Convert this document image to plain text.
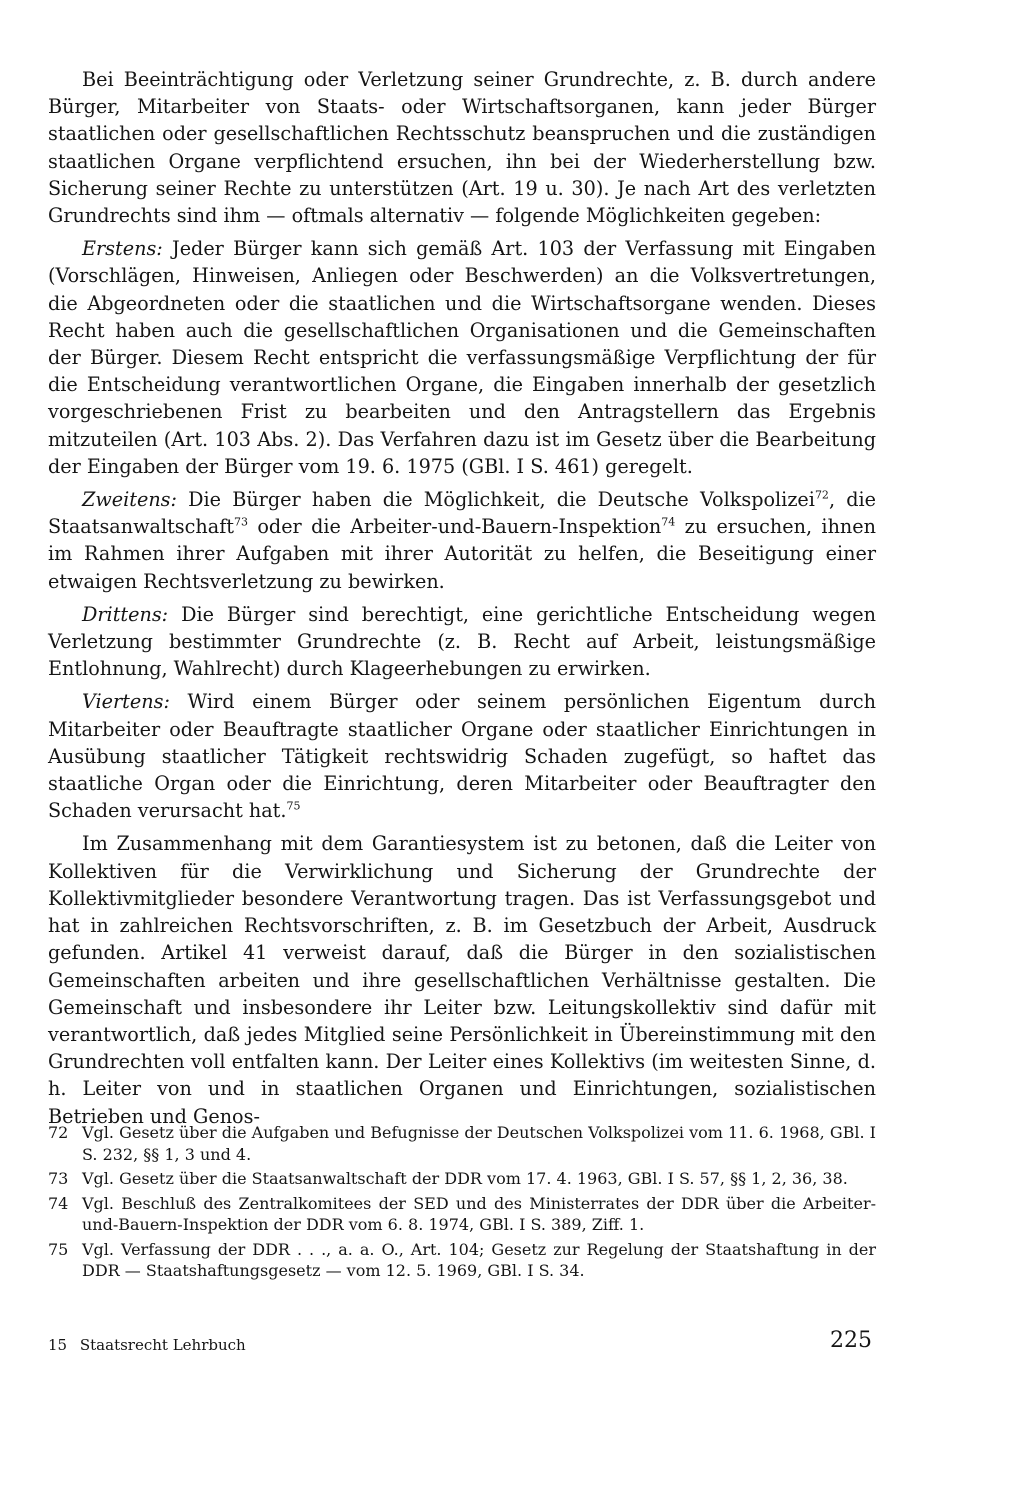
Bei Beeinträchtigung oder Verletzung seiner Grundrechte, z. B. durch andere Bürger, Mitarbeiter von Staats- oder Wirtschaftsorganen, kann jeder Bürger staatlichen oder gesellschaftlichen Rechtsschutz beanspruchen und die zuständigen staatlichen Organe verpflichtend ersuchen, ihn bei der Wiederherstellung bzw. Sicherung seiner Rechte zu unterstützen (Art. 19 u. 30). Je nach Art des verletzten Grundrechts sind ihm — oftmals alternativ — folgende Möglichkeiten gegeben:

Erstens: Jeder Bürger kann sich gemäß Art. 103 der Verfassung mit Eingaben (Vorschlägen, Hinweisen, Anliegen oder Beschwerden) an die Volksvertretungen, die Abgeordneten oder die staatlichen und die Wirtschaftsorgane wenden. Dieses Recht haben auch die gesellschaftlichen Organisationen und die Gemeinschaften der Bürger. Diesem Recht entspricht die verfassungsmäßige Verpflichtung der für die Entscheidung verantwortlichen Organe, die Eingaben innerhalb der gesetzlich vorgeschriebenen Frist zu bearbeiten und den Antragstellern das Ergebnis mitzuteilen (Art. 103 Abs. 2). Das Verfahren dazu ist im Gesetz über die Bearbeitung der Eingaben der Bürger vom 19. 6. 1975 (GBl. I S. 461) geregelt.

Zweitens: Die Bürger haben die Möglichkeit, die Deutsche Volkspolizei$^{72}$, die Staatsanwaltschaft$^{73}$ oder die Arbeiter-und-Bauern-Inspektion$^{74}$ zu ersuchen, ihnen im Rahmen ihrer Aufgaben mit ihrer Autorität zu helfen, die Beseitigung einer etwaigen Rechtsverletzung zu bewirken.

Drittens: Die Bürger sind berechtigt, eine gerichtliche Entscheidung wegen Verletzung bestimmter Grundrechte (z. B. Recht auf Arbeit, leistungsmäßige Entlohnung, Wahlrecht) durch Klageerhebungen zu erwirken.

Viertens: Wird einem Bürger oder seinem persönlichen Eigentum durch Mitarbeiter oder Beauftragte staatlicher Organe oder staatlicher Einrichtungen in Ausübung staatlicher Tätigkeit rechtswidrig Schaden zugefügt, so haftet das staatliche Organ oder die Einrichtung, deren Mitarbeiter oder Beauftragter den Schaden verursacht hat.$^{75}$

Im Zusammenhang mit dem Garantiesystem ist zu betonen, daß die Leiter von Kollektiven für die Verwirklichung und Sicherung der Grundrechte der Kollektivmitglieder besondere Verantwortung tragen. Das ist Verfassungsgebot und hat in zahlreichen Rechtsvorschriften, z. B. im Gesetzbuch der Arbeit, Ausdruck gefunden. Artikel 41 verweist darauf, daß die Bürger in den sozialistischen Gemeinschaften arbeiten und ihre gesellschaftlichen Verhältnisse gestalten. Die Gemeinschaft und insbesondere ihr Leiter bzw. Leitungskollektiv sind dafür mit verantwortlich, daß jedes Mitglied seine Persönlichkeit in Übereinstimmung mit den Grundrechten voll entfalten kann. Der Leiter eines Kollektivs (im weitesten Sinne, d. h. Leiter von und in staatlichen Organen und Einrichtungen, sozialistischen Betrieben und Genos-

72 Vgl. Gesetz über die Aufgaben und Befugnisse der Deutschen Volkspolizei vom 11. 6. 1968, GBl. I S. 232, §§ 1, 3 und 4.
73 Vgl. Gesetz über die Staatsanwaltschaft der DDR vom 17. 4. 1963, GBl. I S. 57, §§ 1, 2, 36, 38.
74 Vgl. Beschluß des Zentralkomitees der SED und des Ministerrates der DDR über die Arbeiter-und-Bauern-Inspektion der DDR vom 6. 8. 1974, GBl. I S. 389, Ziff. 1.
75 Vgl. Verfassung der DDR . . ., a. a. O., Art. 104; Gesetz zur Regelung der Staatshaftung in der DDR — Staatshaftungsgesetz — vom 12. 5. 1969, GBl. I S. 34.
15 Staatsrecht Lehrbuch	225
